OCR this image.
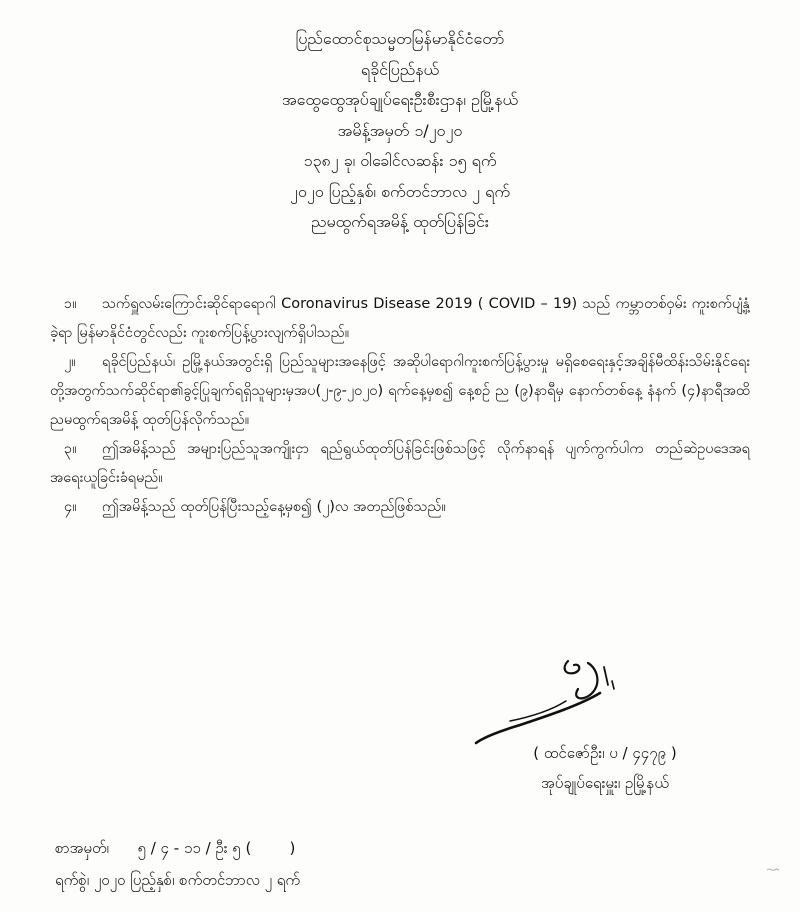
ပြည်ထောင်စုသမ္မတမြန်မာနိုင်ငံတော်
ရခိုင်ပြည်နယ်
အထွေထွေအုပ်ချုပ်ရေးဦးစီးဌာန၊ ဥမြို့နယ်
အမိန့်အမှတ် ၁/၂၀၂၀
၁၃၈၂ ခု၊ ဝါခေါင်လဆန်း ၁၅ ရက်
၂၀၂၀ ပြည့်နှစ်၊ စက်တင်ဘာလ ၂ ရက်
ညမထွက်ရအမိန့် ထုတ်ပြန်ခြင်း
၁။ သက်ရှူလမ်းကြောင်းဆိုင်ရာရောဂါ Coronavirus Disease 2019 ( COVID – 19) သည် ကမ္ဘာတစ်ဝှမ်း ကူးစက်ပျံ့နှံ့ခဲ့ရာ မြန်မာနိုင်ငံတွင်လည်း ကူးစက်ပြန့်ပွားလျက်ရှိပါသည်။
၂။ ရခိုင်ပြည်နယ်၊ ဥမြို့နယ်အတွင်းရှိ ပြည်သူများအနေဖြင့် အဆိုပါရောဂါကူးစက်ပြန့်ပွားမှု မရှိစေရေးနှင့်အချိန်မီထိန်းသိမ်းနိုင်ရေးတို့အတွက်သက်ဆိုင်ရာ၏ခွင့်ပြုချက်ရရှိသူများမှအပ(၂-၉-၂၀၂၀) ရက်နေ့မှစ၍ နေ့စဉ် ည (၉)နာရီမှ နောက်တစ်နေ့ နံနက် (၄)နာရီအထိ ညမထွက်ရအမိန့် ထုတ်ပြန်လိုက်သည်။
၃။ ဤအမိန့်သည် အများပြည်သူအကျိုးငှာ ရည်ရွယ်ထုတ်ပြန်ခြင်းဖြစ်သဖြင့် လိုက်နာရန် ပျက်ကွက်ပါက တည်ဆဲဥပဒေအရ အရေးယူခြင်းခံရမည်။
၄။ ဤအမိန့်သည် ထုတ်ပြန်ပြီးသည့်နေ့မှစ၍ (၂)လ အတည်ဖြစ်သည်။
( ထင်ဇော်ဦး၊ ပ / ၄၄၇၉ )
အုပ်ချုပ်ရေးမှူး၊ ဥမြို့နယ်
စာအမှတ်၊      ၅ / ၄ - ၁၁ / ဦး ၅ (        )
ရက်စွဲ၊ ၂၀၂၀ ပြည့်နှစ်၊ စက်တင်ဘာလ ၂ ရက်
